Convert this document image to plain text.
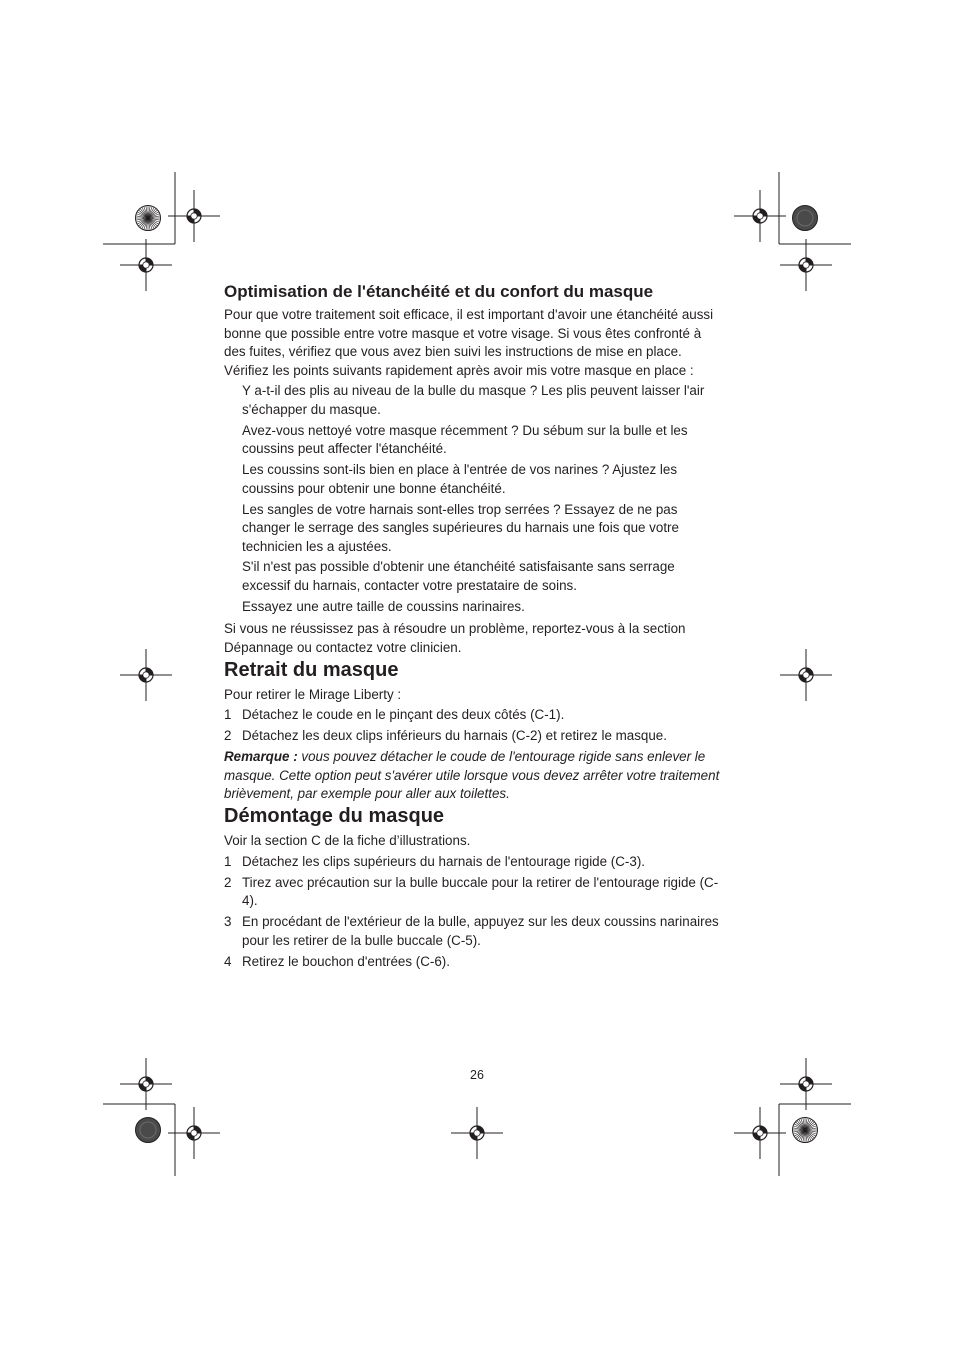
Optimisation de l'étanchéité et du confort du masque

Pour que votre traitement soit efficace, il est important d'avoir une étanchéité aussi bonne que possible entre votre masque et votre visage. Si vous êtes confronté à des fuites, vérifiez que vous avez bien suivi les instructions de mise en place. Vérifiez les points suivants rapidement après avoir mis votre masque en place :

Y a-t-il des plis au niveau de la bulle du masque ? Les plis peuvent laisser l'air s'échapper du masque.
Avez-vous nettoyé votre masque récemment ? Du sébum sur la bulle et les coussins peut affecter l'étanchéité.
Les coussins sont-ils bien en place à l'entrée de vos narines ? Ajustez les coussins pour obtenir une bonne étanchéité.
Les sangles de votre harnais sont-elles trop serrées ? Essayez de ne pas changer le serrage des sangles supérieures du harnais une fois que votre technicien les a ajustées.
S'il n'est pas possible d'obtenir une étanchéité satisfaisante sans serrage excessif du harnais, contacter votre prestataire de soins.
Essayez une autre taille de coussins narinaires.

Si vous ne réussissez pas à résoudre un problème, reportez-vous à la section Dépannage ou contactez votre clinicien.

Retrait du masque

Pour retirer le Mirage Liberty :

1 Détachez le coude en le pinçant des deux côtés (C-1).
2 Détachez les deux clips inférieurs du harnais (C-2) et retirez le masque.

Remarque : vous pouvez détacher le coude de l'entourage rigide sans enlever le masque. Cette option peut s'avérer utile lorsque vous devez arrêter votre traitement brièvement, par exemple pour aller aux toilettes.

Démontage du masque

Voir la section C de la fiche d’illustrations.

1 Détachez les clips supérieurs du harnais de l'entourage rigide (C-3).
2 Tirez avec précaution sur la bulle buccale pour la retirer de l'entourage rigide (C-4).
3 En procédant de l'extérieur de la bulle, appuyez sur les deux coussins narinaires pour les retirer de la bulle buccale (C-5).
4 Retirez le bouchon d'entrées (C-6).
26
